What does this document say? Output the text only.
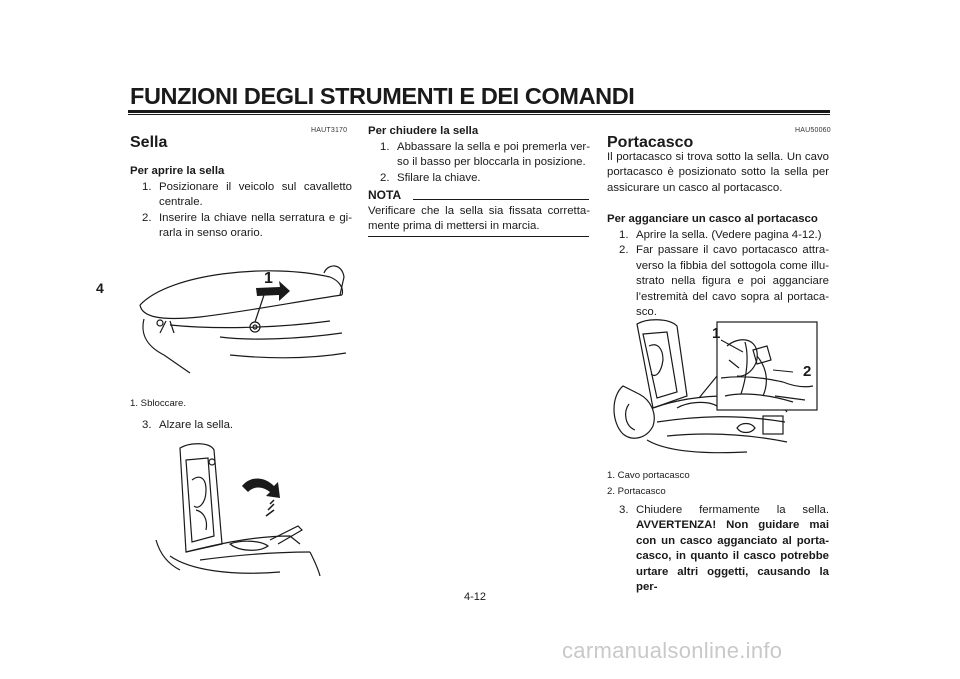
FUNZIONI DEGLI STRUMENTI E DEI COMANDI
4
HAUT3170
Sella
Per aprire la sella
1. Posizionare il veicolo sul cavalletto centrale.
2. Inserire la chiave nella serratura e gi-rarla in senso orario.
1
1. Sbloccare.
3. Alzare la sella.
Per chiudere la sella
1. Abbassare la sella e poi premerla ver-so il basso per bloccarla in posizione.
2. Sfilare la chiave.
NOTA
Verificare che la sella sia fissata corretta-mente prima di mettersi in marcia.
HAU50060
Portacasco
Il portacasco si trova sotto la sella. Un cavo portacasco è posizionato sotto la sella per assicurare un casco al portacasco.
Per agganciare un casco al portacasco
1. Aprire la sella. (Vedere pagina 4-12.)
2. Far passare il cavo portacasco attra-verso la fibbia del sottogola come illu-strato nella figura e poi agganciare l’estremità del cavo sopra al portaca-sco.
1
2
1. Cavo portacasco
2. Portacasco
3. Chiudere fermamente la sella.
AVVERTENZA! Non guidare mai con un casco agganciato al porta-casco, in quanto il casco potrebbe urtare altri oggetti, causando la per-
4-12
carmanualsonline.info
